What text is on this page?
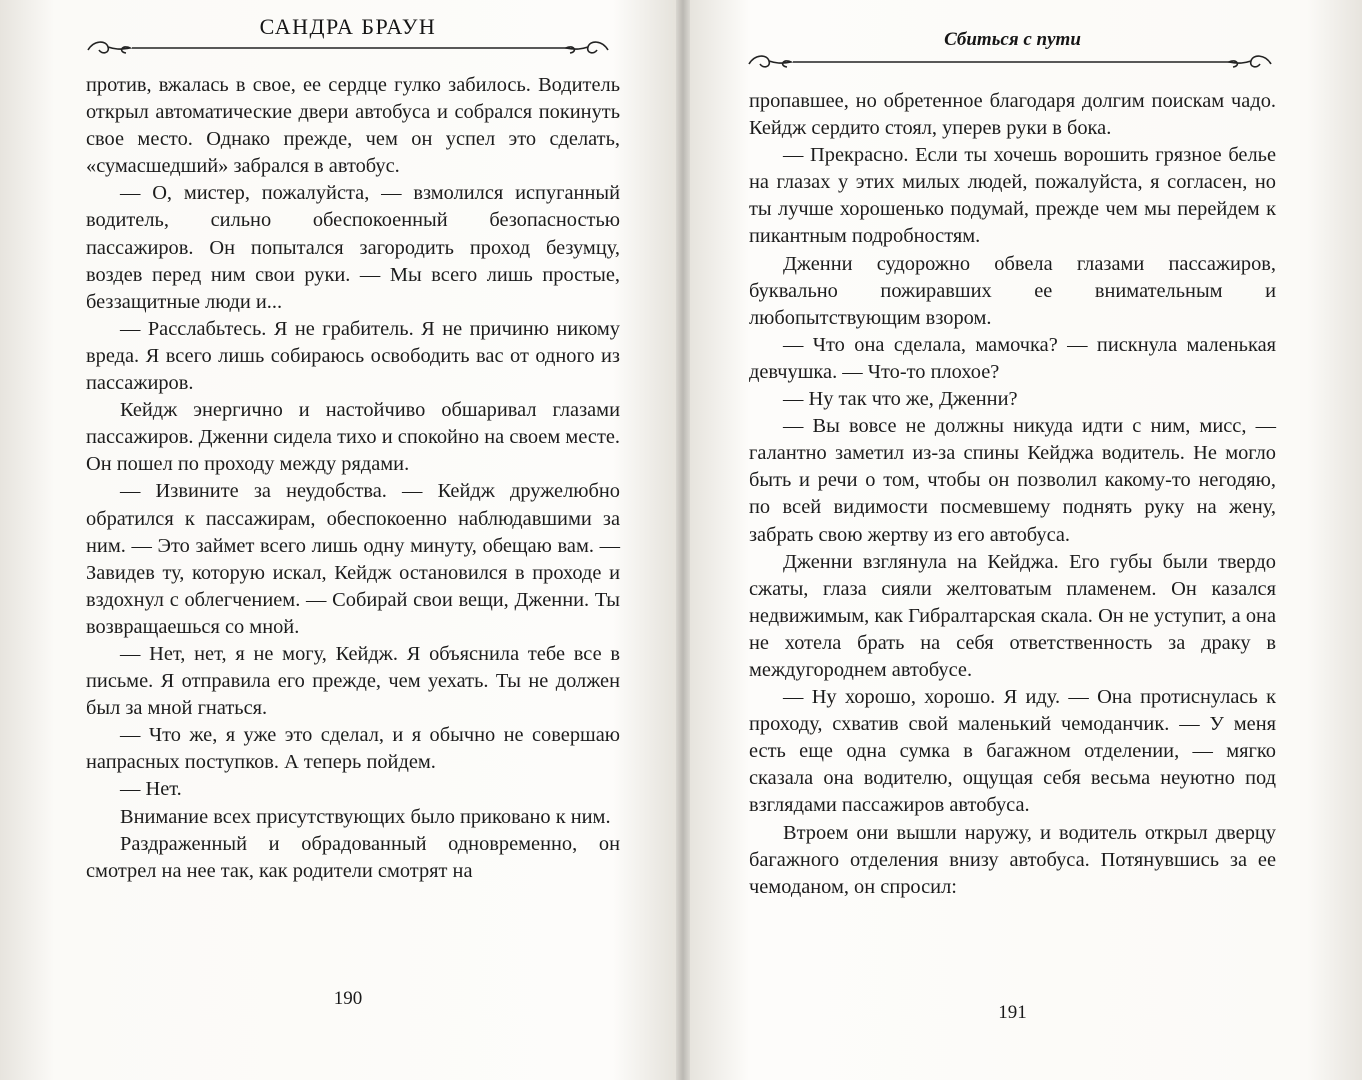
САНДРА БРАУН

против, вжалась в свое, ее сердце гулко забилось. Водитель открыл автоматические двери автобуса и собрался покинуть свое место. Однако прежде, чем он успел это сделать, «сумасшедший» забрался в автобус.

— О, мистер, пожалуйста, — взмолился испуганный водитель, сильно обеспокоенный безопасностью пассажиров. Он попытался загородить проход безумцу, воздев перед ним свои руки. — Мы всего лишь простые, беззащитные люди и...

— Расслабьтесь. Я не грабитель. Я не причиню никому вреда. Я всего лишь собираюсь освободить вас от одного из пассажиров.

Кейдж энергично и настойчиво обшаривал глазами пассажиров. Дженни сидела тихо и спокойно на своем месте. Он пошел по проходу между рядами.

— Извините за неудобства. — Кейдж дружелюбно обратился к пассажирам, обеспокоенно наблюдавшими за ним. — Это займет всего лишь одну минуту, обещаю вам. — Завидев ту, которую искал, Кейдж остановился в проходе и вздохнул с облегчением. — Собирай свои вещи, Дженни. Ты возвращаешься со мной.

— Нет, нет, я не могу, Кейдж. Я объяснила тебе все в письме. Я отправила его прежде, чем уехать. Ты не должен был за мной гнаться.

— Что же, я уже это сделал, и я обычно не совершаю напрасных поступков. А теперь пойдем.

— Нет.

Внимание всех присутствующих было приковано к ним.

Раздраженный и обрадованный одновременно, он смотрел на нее так, как родители смотрят на

190
Сбиться с пути

пропавшее, но обретенное благодаря долгим поискам чадо. Кейдж сердито стоял, уперев руки в бока.

— Прекрасно. Если ты хочешь ворошить грязное белье на глазах у этих милых людей, пожалуйста, я согласен, но ты лучше хорошенько подумай, прежде чем мы перейдем к пикантным подробностям.

Дженни судорожно обвела глазами пассажиров, буквально пожиравших ее внимательным и любопытствующим взором.

— Что она сделала, мамочка? — пискнула маленькая девчушка. — Что-то плохое?

— Ну так что же, Дженни?

— Вы вовсе не должны никуда идти с ним, мисс, — галантно заметил из-за спины Кейджа водитель. Не могло быть и речи о том, чтобы он позволил какому-то негодяю, по всей видимости посмевшему поднять руку на жену, забрать свою жертву из его автобуса.

Дженни взглянула на Кейджа. Его губы были твердо сжаты, глаза сияли желтоватым пламенем. Он казался недвижимым, как Гибралтарская скала. Он не уступит, а она не хотела брать на себя ответственность за драку в междугороднем автобусе.

— Ну хорошо, хорошо. Я иду. — Она протиснулась к проходу, схватив свой маленький чемоданчик. — У меня есть еще одна сумка в багажном отделении, — мягко сказала она водителю, ощущая себя весьма неуютно под взглядами пассажиров автобуса.

Втроем они вышли наружу, и водитель открыл дверцу багажного отделения внизу автобуса. Потянувшись за ее чемоданом, он спросил:

191
